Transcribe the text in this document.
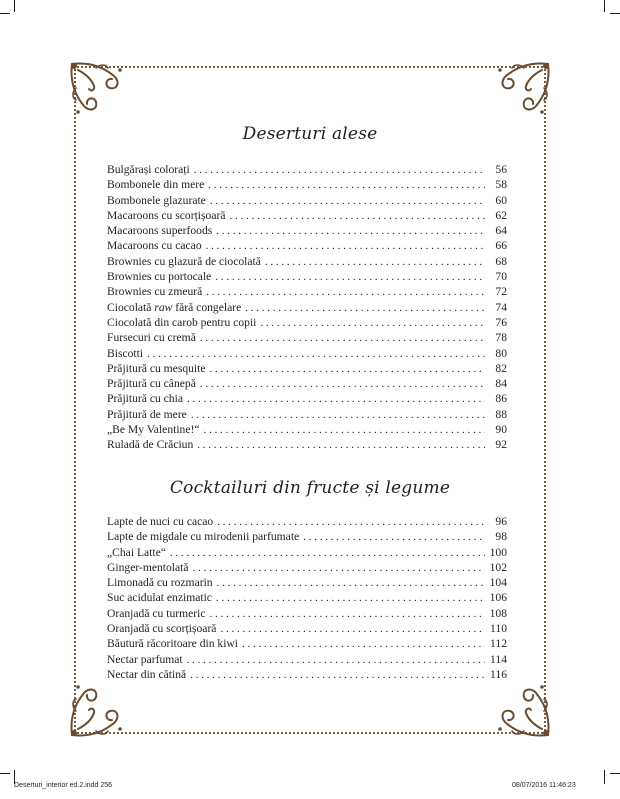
Deserturi alese
Bulgărași colorați . . .	56
Bombonele din mere . . .	58
Bombonele glazurate . . .	60
Macaroons cu scorțișoară . . .	62
Macaroons superfoods . . .	64
Macaroons cu cacao . . .	66
Brownies cu glazură de ciocolată . . .	68
Brownies cu portocale . . .	70
Brownies cu zmeură . . .	72
Ciocolată raw fără congelare . . .	74
Ciocolată din carob pentru copii . . .	76
Fursecuri cu cremă . . .	78
Biscotti . . .	80
Prăjitură cu mesquite . . .	82
Prăjitură cu cânepă . . .	84
Prăjitură cu chia . . .	86
Prăjitură de mere . . .	88
„Be My Valentine!“ . . .	90
Ruladă de Crăciun . . .	92
Cocktailuri din fructe și legume
Lapte de nuci cu cacao . . .	96
Lapte de migdale cu mirodenii parfumate . . .	98
„Chai Latte“ . . .	100
Ginger-mentolată . . .	102
Limonadă cu rozmarin . . .	104
Suc acidulat enzimatic . . .	106
Oranjadă cu turmeric . . .	108
Oranjadă cu scorțișoară . . .	110
Băutură răcoritoare din kiwi . . .	112
Nectar parfumat . . .	114
Nectar din cătină . . .	116
Deserturi_interior ed.2.indd 256	08/07/2016 11:46:23
